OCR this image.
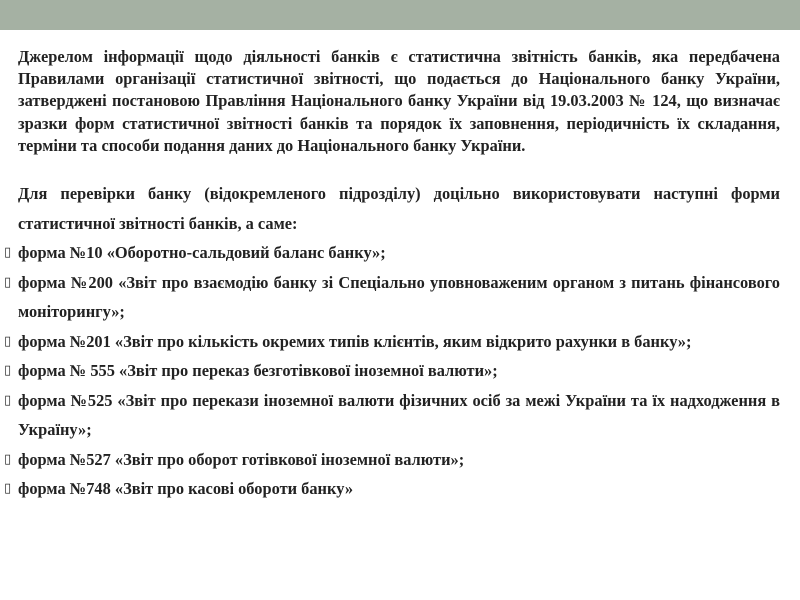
Джерелом інформації щодо діяльності банків є статистична звітність банків, яка передбачена Правилами організації статистичної звітності, що подається до Національного банку України, затверджені постановою Правління Національного банку України від 19.03.2003 № 124, що визначає зразки форм статистичної звітності банків та порядок їх заповнення, періодичність їх складання, терміни та способи подання даних до Національного банку України.

Для перевірки банку (відокремленого підрозділу) доцільно використовувати наступні форми статистичної звітності банків, а саме:

▯ форма №10 «Оборотно-сальдовий баланс банку»;
▯ форма №200 «Звіт про взаємодію банку зі Спеціально уповноваженим органом з питань фінансового моніторингу»;
▯ форма №201 «Звіт про кількість окремих типів клієнтів, яким відкрито рахунки в банку»;
▯ форма № 555 «Звіт про переказ безготівкової іноземної валюти»;
▯ форма №525 «Звіт про перекази іноземної валюти фізичних осіб за межі України та їх надходження в Україну»;
▯ форма №527 «Звіт про оборот готівкової іноземної валюти»;
▯ форма №748 «Звіт про касові обороти банку»
